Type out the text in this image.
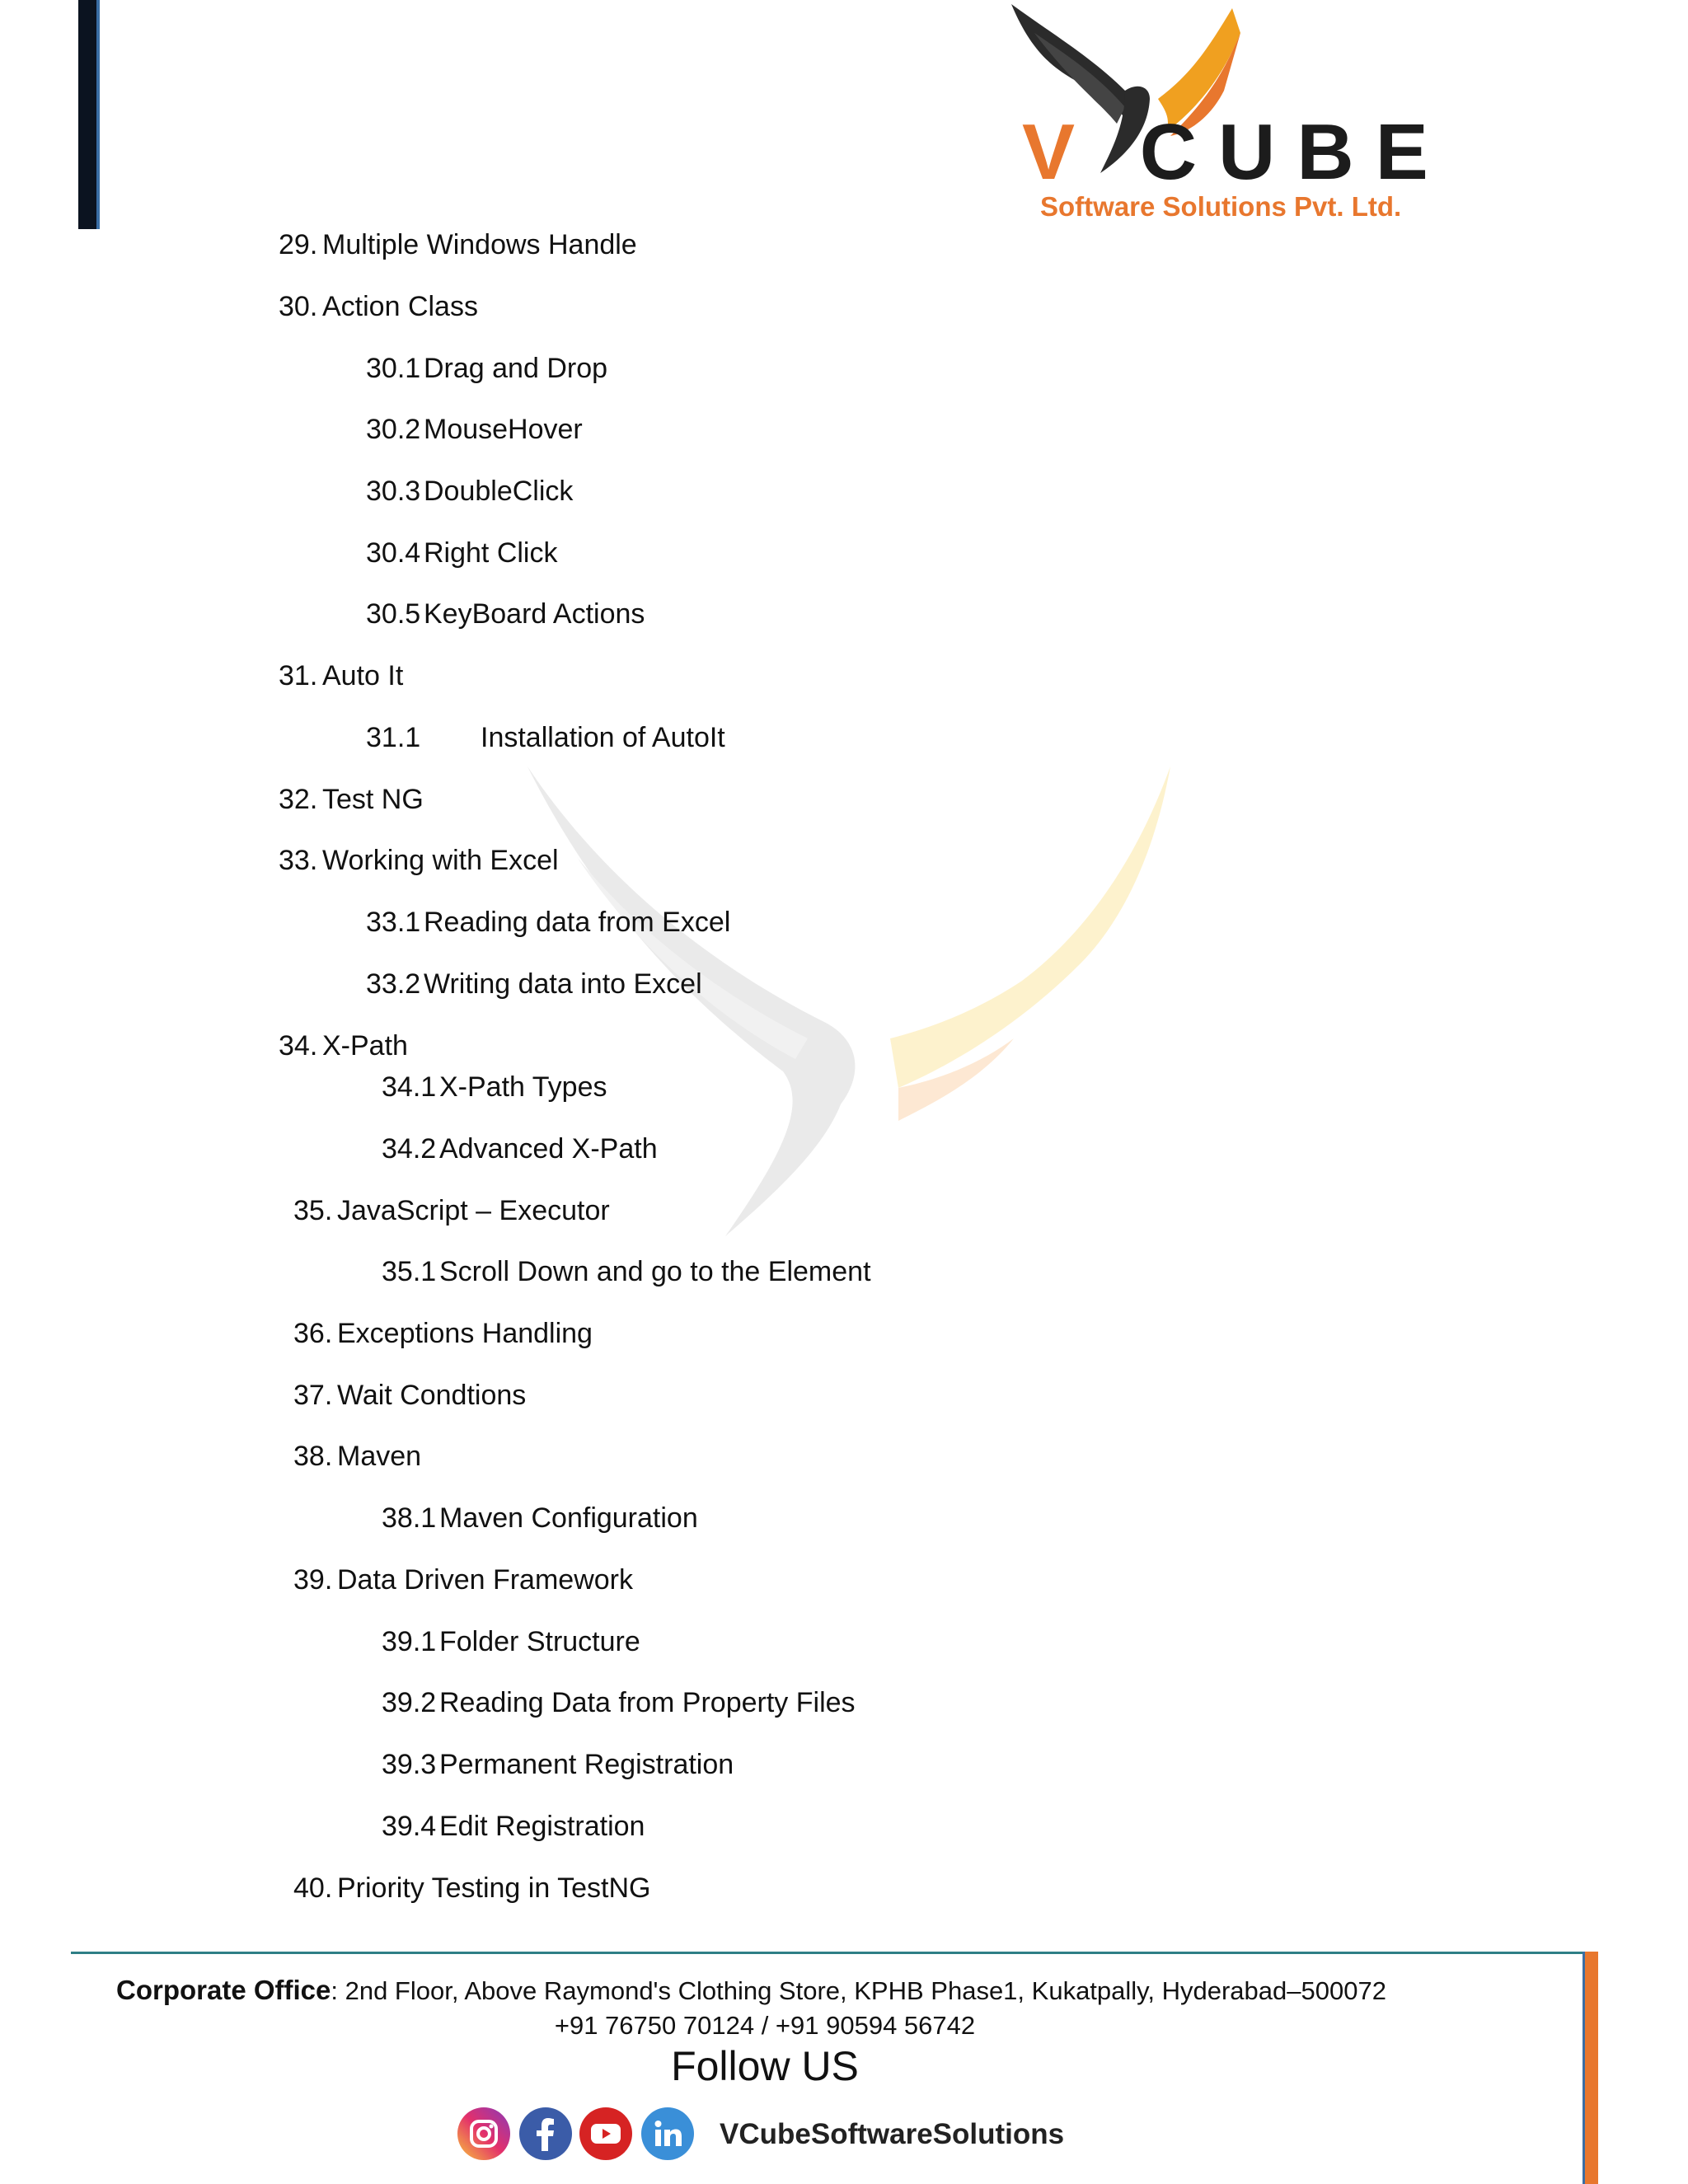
V CUBE
Software Solutions Pvt. Ltd.
29. Multiple Windows Handle
30. Action Class
30.1 Drag and Drop
30.2 MouseHover
30.3 DoubleClick
30.4 Right Click
30.5 KeyBoard Actions
31. Auto It
31.1	Installation of AutoIt
32. Test NG
33. Working with Excel
33.1 Reading data from Excel
33.2 Writing data into Excel
34. X-Path
34.1 X-Path Types
34.2 Advanced X-Path
35. JavaScript – Executor
35.1 Scroll Down and go to the Element
36. Exceptions Handling
37. Wait Condtions
38. Maven
38.1 Maven Configuration
39. Data Driven Framework
39.1 Folder Structure
39.2 Reading Data from Property Files
39.3 Permanent Registration
39.4 Edit Registration
40. Priority Testing in TestNG
Corporate Office: 2nd Floor, Above Raymond's Clothing Store, KPHB Phase1, Kukatpally, Hyderabad–500072
+91 76750 70124 / +91 90594 56742
Follow US
VCubeSoftwareSolutions
